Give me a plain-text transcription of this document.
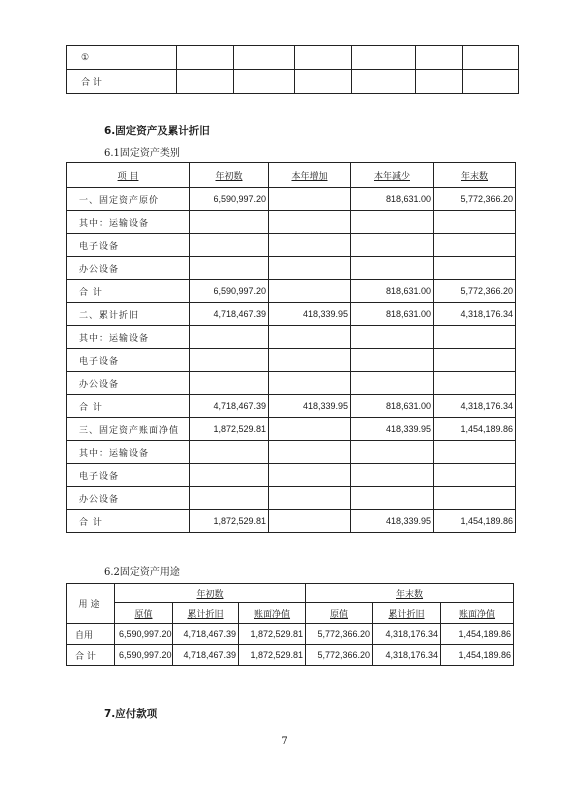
①						
合 计						
6.固定资产及累计折旧
6.1固定资产类别
项 目	年初数	本年增加	本年减少	年末数
一、固定资产原价	6,590,997.20		818,631.00	5,772,366.20
其中：运输设备				
电子设备				
办公设备				
合 计	6,590,997.20		818,631.00	5,772,366.20
二、累计折旧	4,718,467.39	418,339.95	818,631.00	4,318,176.34
其中：运输设备				
电子设备				
办公设备				
合 计	4,718,467.39	418,339.95	818,631.00	4,318,176.34
三、固定资产账面净值	1,872,529.81		418,339.95	1,454,189.86
其中：运输设备				
电子设备				
办公设备				
合 计	1,872,529.81		418,339.95	1,454,189.86
6.2固定资产用途
用途	年初数			年末数		
	原值	累计折旧	账面净值	原值	累计折旧	账面净值
自用	6,590,997.20	4,718,467.39	1,872,529.81	5,772,366.20	4,318,176.34	1,454,189.86
合 计	6,590,997.20	4,718,467.39	1,872,529.81	5,772,366.20	4,318,176.34	1,454,189.86
7.应付款项
7
